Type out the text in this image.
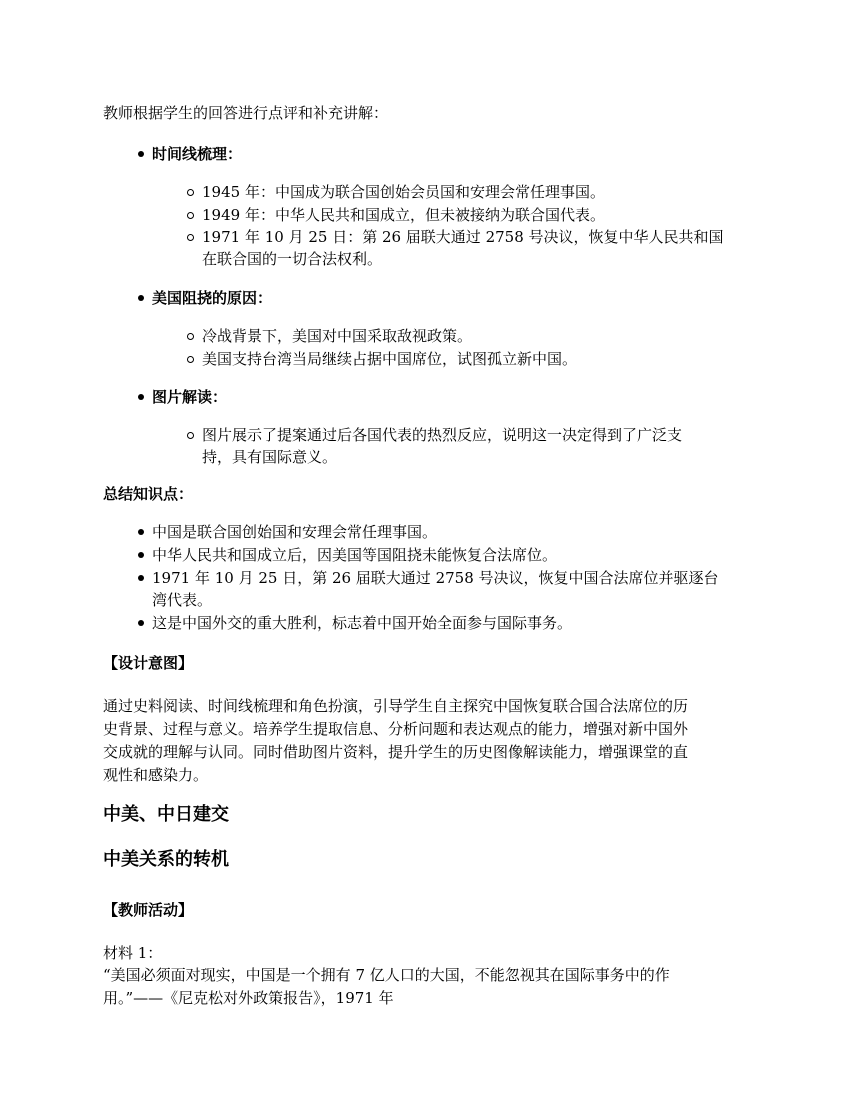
教师根据学生的回答进行点评和补充讲解：
时间线梳理：
1945 年：中国成为联合国创始会员国和安理会常任理事国。
1949 年：中华人民共和国成立，但未被接纳为联合国代表。
1971 年 10 月 25 日：第 26 届联大通过 2758 号决议，恢复中华人民共和国
在联合国的一切合法权利。
美国阻挠的原因：
冷战背景下，美国对中国采取敌视政策。
美国支持台湾当局继续占据中国席位，试图孤立新中国。
图片解读：
图片展示了提案通过后各国代表的热烈反应，说明这一决定得到了广泛支
持，具有国际意义。
总结知识点：
中国是联合国创始国和安理会常任理事国。
中华人民共和国成立后，因美国等国阻挠未能恢复合法席位。
1971 年 10 月 25 日，第 26 届联大通过 2758 号决议，恢复中国合法席位并驱逐台
湾代表。
这是中国外交的重大胜利，标志着中国开始全面参与国际事务。
【设计意图】
通过史料阅读、时间线梳理和角色扮演，引导学生自主探究中国恢复联合国合法席位的历
史背景、过程与意义。培养学生提取信息、分析问题和表达观点的能力，增强对新中国外
交成就的理解与认同。同时借助图片资料，提升学生的历史图像解读能力，增强课堂的直
观性和感染力。
中美、中日建交
中美关系的转机
【教师活动】
材料 1：
“美国必须面对现实，中国是一个拥有 7 亿人口的大国，不能忽视其在国际事务中的作
用。”——《尼克松对外政策报告》，1971 年
